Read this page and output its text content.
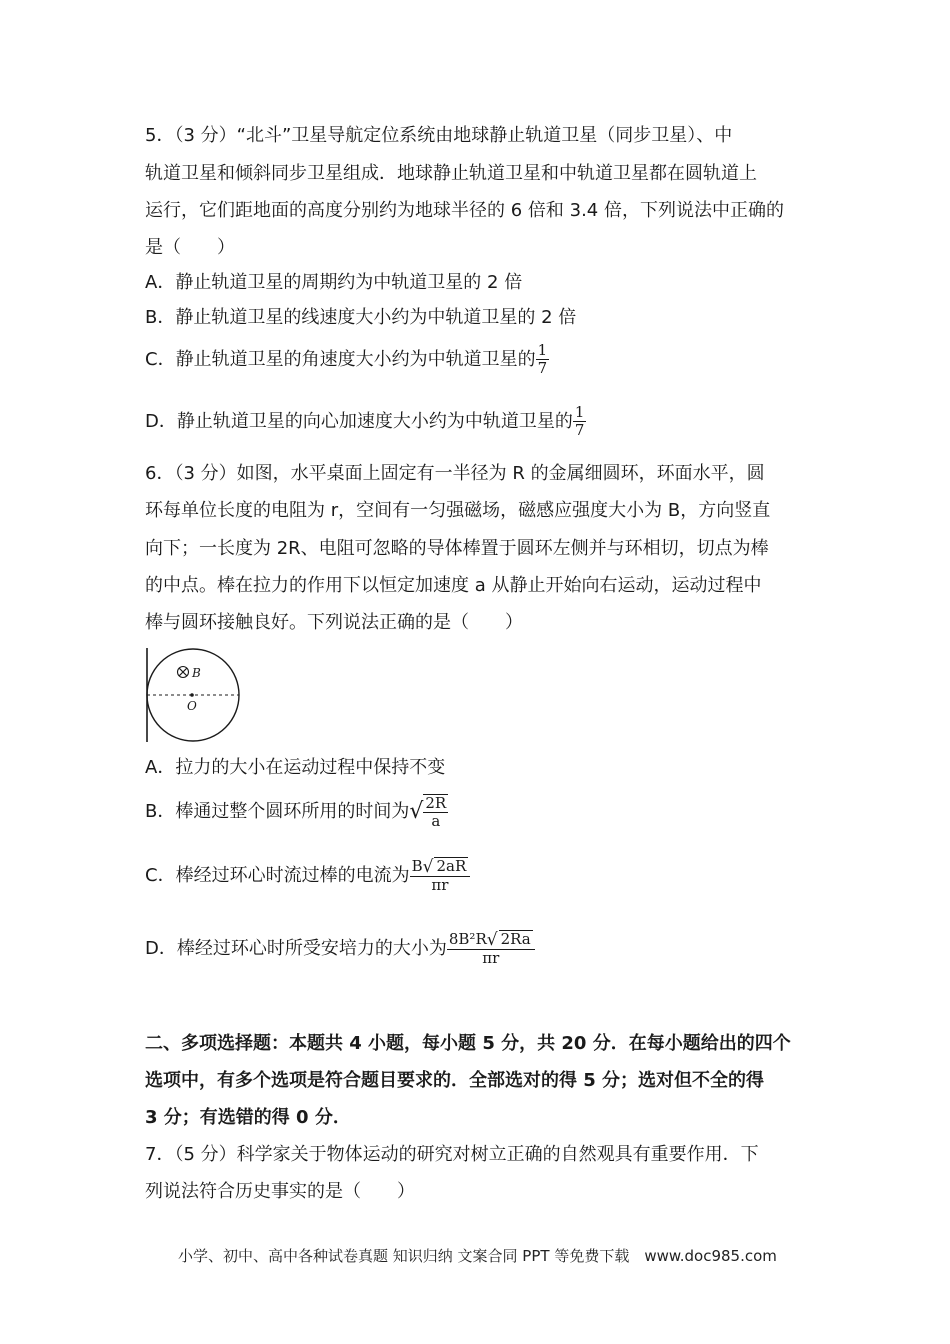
5．（3 分）“北斗”卫星导航定位系统由地球静止轨道卫星（同步卫星）、中
轨道卫星和倾斜同步卫星组成．地球静止轨道卫星和中轨道卫星都在圆轨道上
运行，它们距地面的高度分别约为地球半径的 6 倍和 3.4 倍，下列说法中正确的
是（　　）
A．静止轨道卫星的周期约为中轨道卫星的 2 倍
B．静止轨道卫星的线速度大小约为中轨道卫星的 2 倍
C．静止轨道卫星的角速度大小约为中轨道卫星的 $\frac{1}{7}$
D．静止轨道卫星的向心加速度大小约为中轨道卫星的 $\frac{1}{7}$
6．（3 分）如图，水平桌面上固定有一半径为 R 的金属细圆环，环面水平，圆
环每单位长度的电阻为 r，空间有一匀强磁场，磁感应强度大小为 B，方向竖直
向下；一长度为 2R、电阻可忽略的导体棒置于圆环左侧并与环相切，切点为棒
的中点。棒在拉力的作用下以恒定加速度 a 从静止开始向右运动，运动过程中
棒与圆环接触良好。下列说法正确的是（　　）
B
O
A．拉力的大小在运动过程中保持不变
B．棒通过整个圆环所用的时间为 √ $\frac{2R}{a}$
C．棒经过环心时流过棒的电流为 $\frac{B√ 2aR}{\pi r}$
D．棒经过环心时所受安培力的大小为 $\frac{\text{8B²R√ 2Ra}}{\pi r}$
二、多项选择题：本题共 4 小题，每小题 5 分，共 20 分．在每小题给出的四个
选项中，有多个选项是符合题目要求的．全部选对的得 5 分；选对但不全的得
3 分；有选错的得 0 分．
7．（5 分）科学家关于物体运动的研究对树立正确的自然观具有重要作用．下
列说法符合历史事实的是（　　）
小学、初中、高中各种试卷真题 知识归纳 文案合同 PPT 等免费下载　www.doc985.com
